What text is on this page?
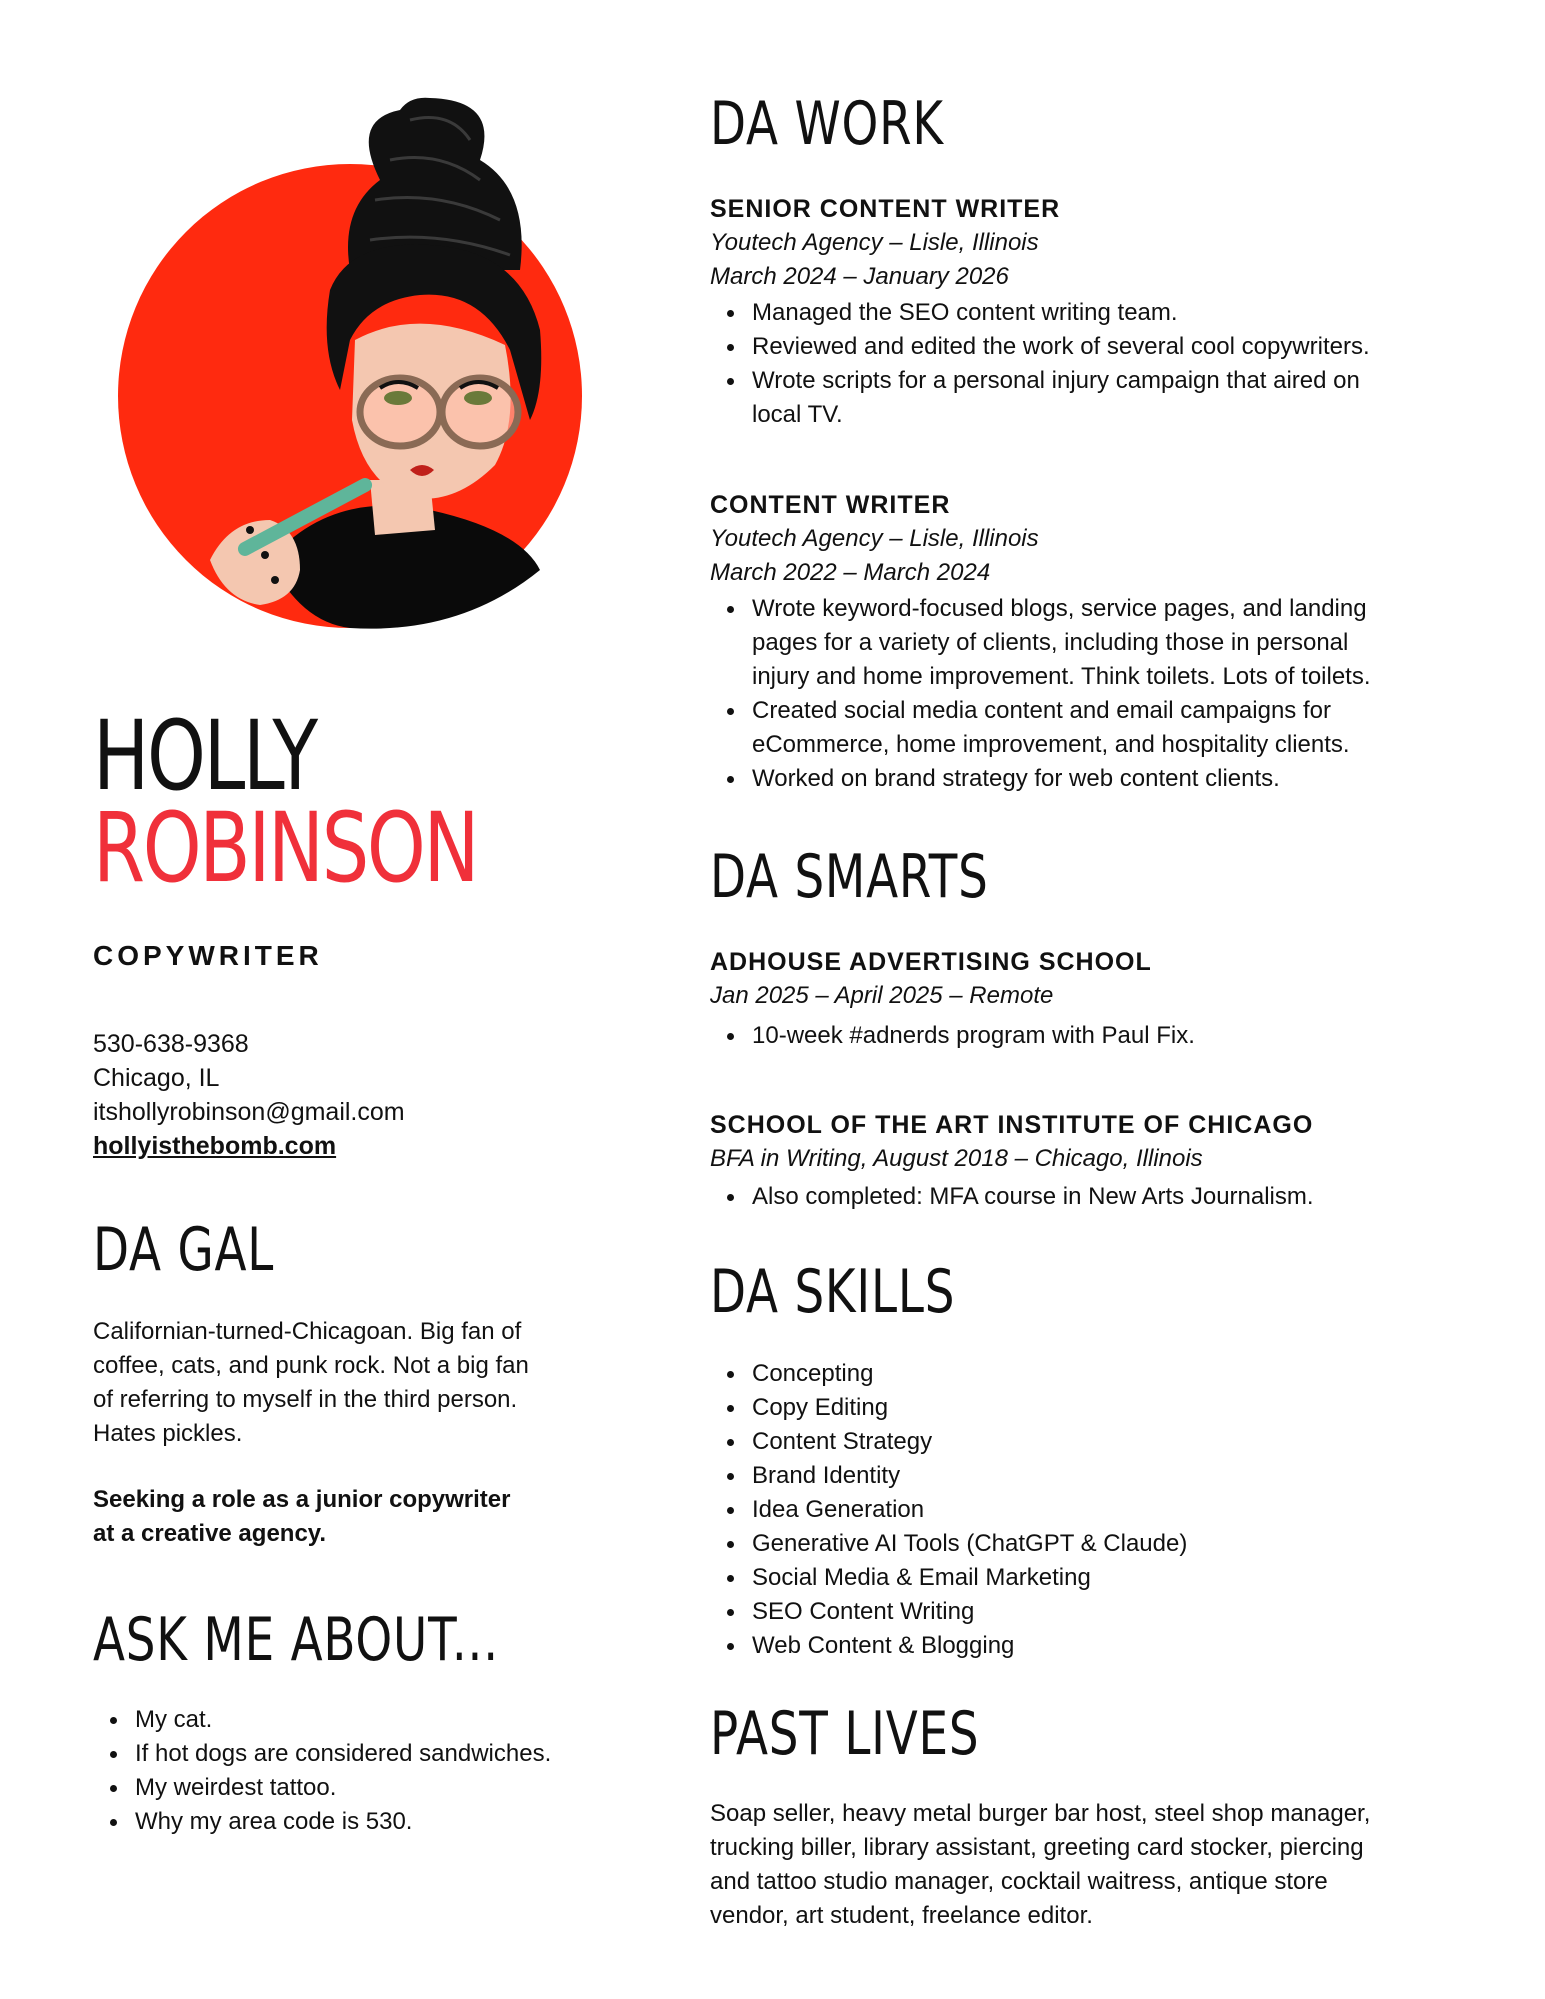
HOLLY
ROBINSON
COPYWRITER
530-638-9368
Chicago, IL
itshollyrobinson@gmail.com
hollyisthebomb.com
DA GAL
Californian-turned-Chicagoan. Big fan of coffee, cats, and punk rock. Not a big fan of referring to myself in the third person. Hates pickles.
Seeking a role as a junior copywriter at a creative agency.
ASK ME ABOUT...
My cat.
If hot dogs are considered sandwiches.
My weirdest tattoo.
Why my area code is 530.
DA WORK
SENIOR CONTENT WRITER
Youtech Agency – Lisle, Illinois
March 2024 – January 2026
Managed the SEO content writing team.
Reviewed and edited the work of several cool copywriters.
Wrote scripts for a personal injury campaign that aired on local TV.
CONTENT WRITER
Youtech Agency – Lisle, Illinois
March 2022 – March 2024
Wrote keyword-focused blogs, service pages, and landing pages for a variety of clients, including those in personal injury and home improvement. Think toilets. Lots of toilets.
Created social media content and email campaigns for eCommerce, home improvement, and hospitality clients.
Worked on brand strategy for web content clients.
DA SMARTS
ADHOUSE ADVERTISING SCHOOL
Jan 2025 – April 2025 – Remote
10-week #adnerds program with Paul Fix.
SCHOOL OF THE ART INSTITUTE OF CHICAGO
BFA in Writing, August 2018 – Chicago, Illinois
Also completed: MFA course in New Arts Journalism.
DA SKILLS
Concepting
Copy Editing
Content Strategy
Brand Identity
Idea Generation
Generative AI Tools (ChatGPT & Claude)
Social Media & Email Marketing
SEO Content Writing
Web Content & Blogging
PAST LIVES
Soap seller, heavy metal burger bar host, steel shop manager, trucking biller, library assistant, greeting card stocker, piercing and tattoo studio manager, cocktail waitress, antique store vendor, art student, freelance editor.
